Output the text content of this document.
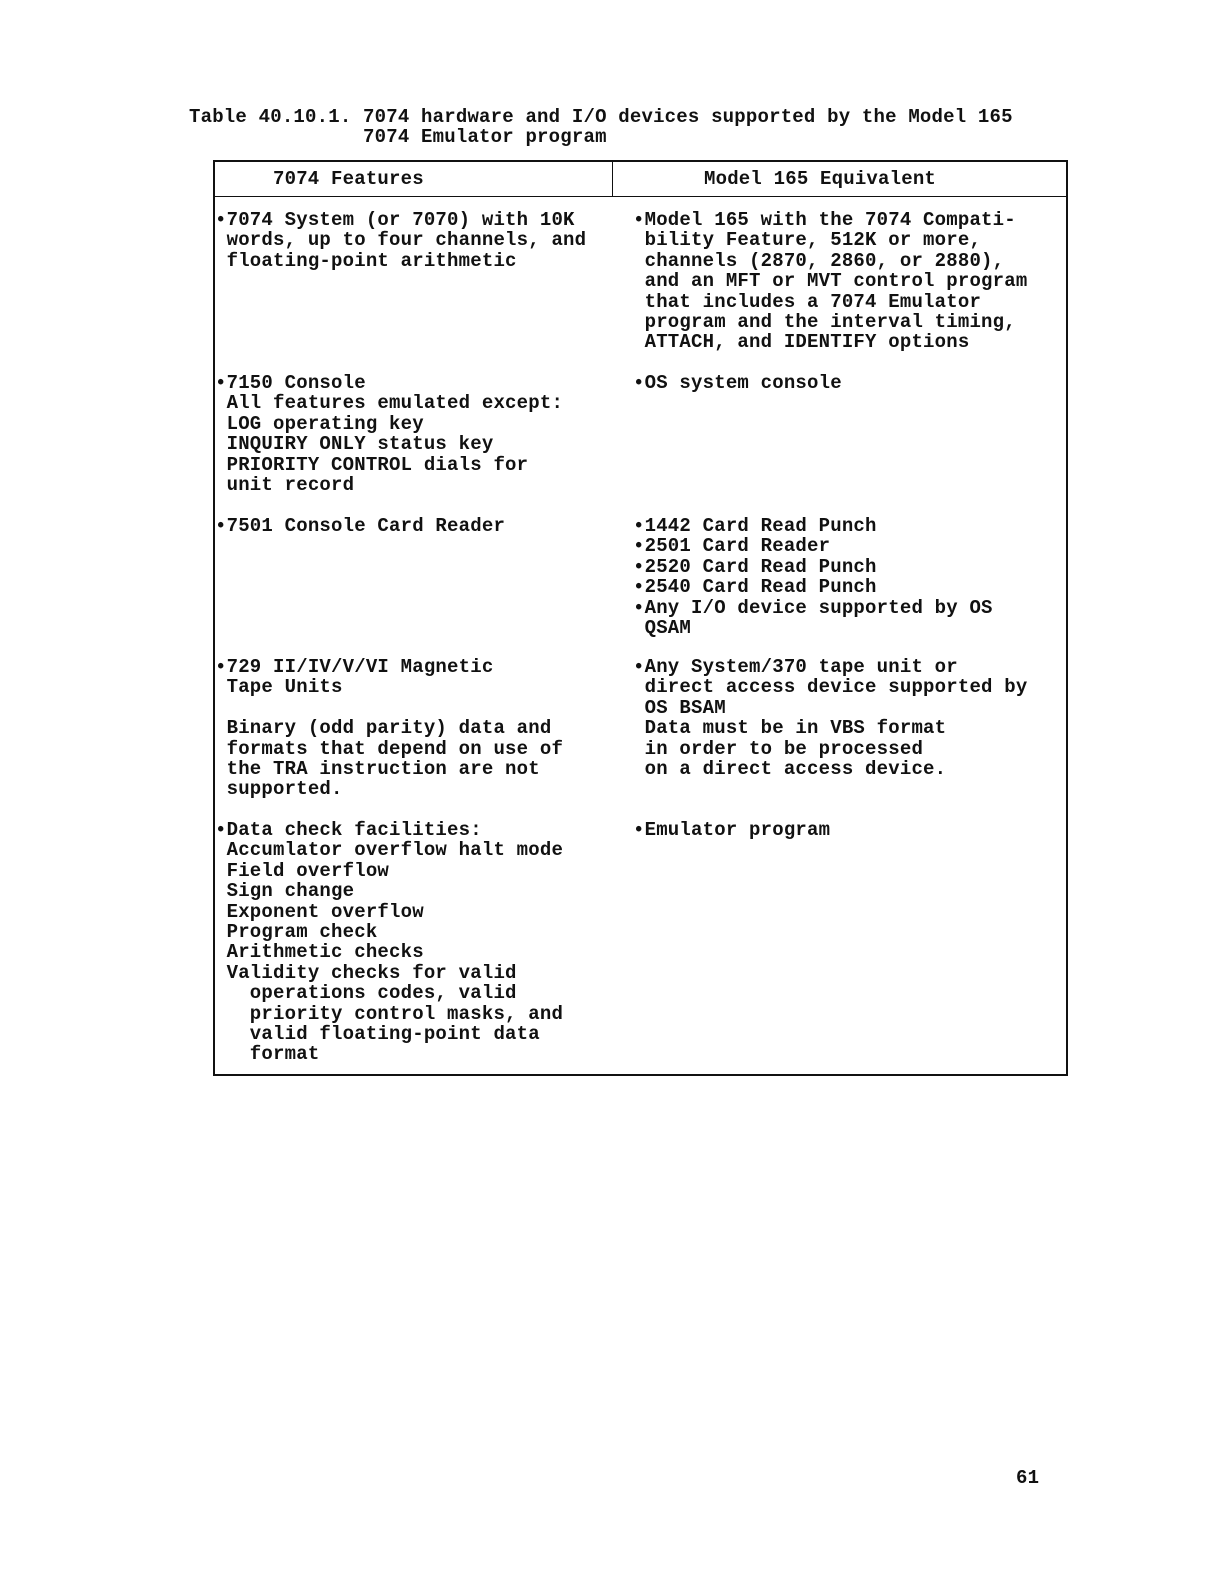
Table 40.10.1. 7074 hardware and I/O devices supported by the Model 165
7074 Emulator program
7074 Features	Model 165 Equivalent
•7074 System (or 7070) with 10K
words, up to four channels, and
floating-point arithmetic
•Model 165 with the 7074 Compati-
bility Feature, 512K or more,
channels (2870, 2860, or 2880),
and an MFT or MVT control program
that includes a 7074 Emulator
program and the interval timing,
ATTACH, and IDENTIFY options
•7150 Console
All features emulated except:
LOG operating key
INQUIRY ONLY status key
PRIORITY CONTROL dials for
unit record
•OS system console
•7501 Console Card Reader	•1442 Card Read Punch
•2501 Card Reader
•2520 Card Read Punch
•2540 Card Read Punch
•Any I/O device supported by OS
QSAM
•729 II/IV/V/VI Magnetic
Tape Units

Binary (odd parity) data and
formats that depend on use of
the TRA instruction are not
supported.
•Any System/370 tape unit or
direct access device supported by
OS BSAM
Data must be in VBS format
in order to be processed
on a direct access device.
•Data check facilities:
Accumlator overflow halt mode
Field overflow
Sign change
Exponent overflow
Program check
Arithmetic checks
Validity checks for valid
operations codes, valid
priority control masks, and
valid floating-point data
format
•Emulator program
61
